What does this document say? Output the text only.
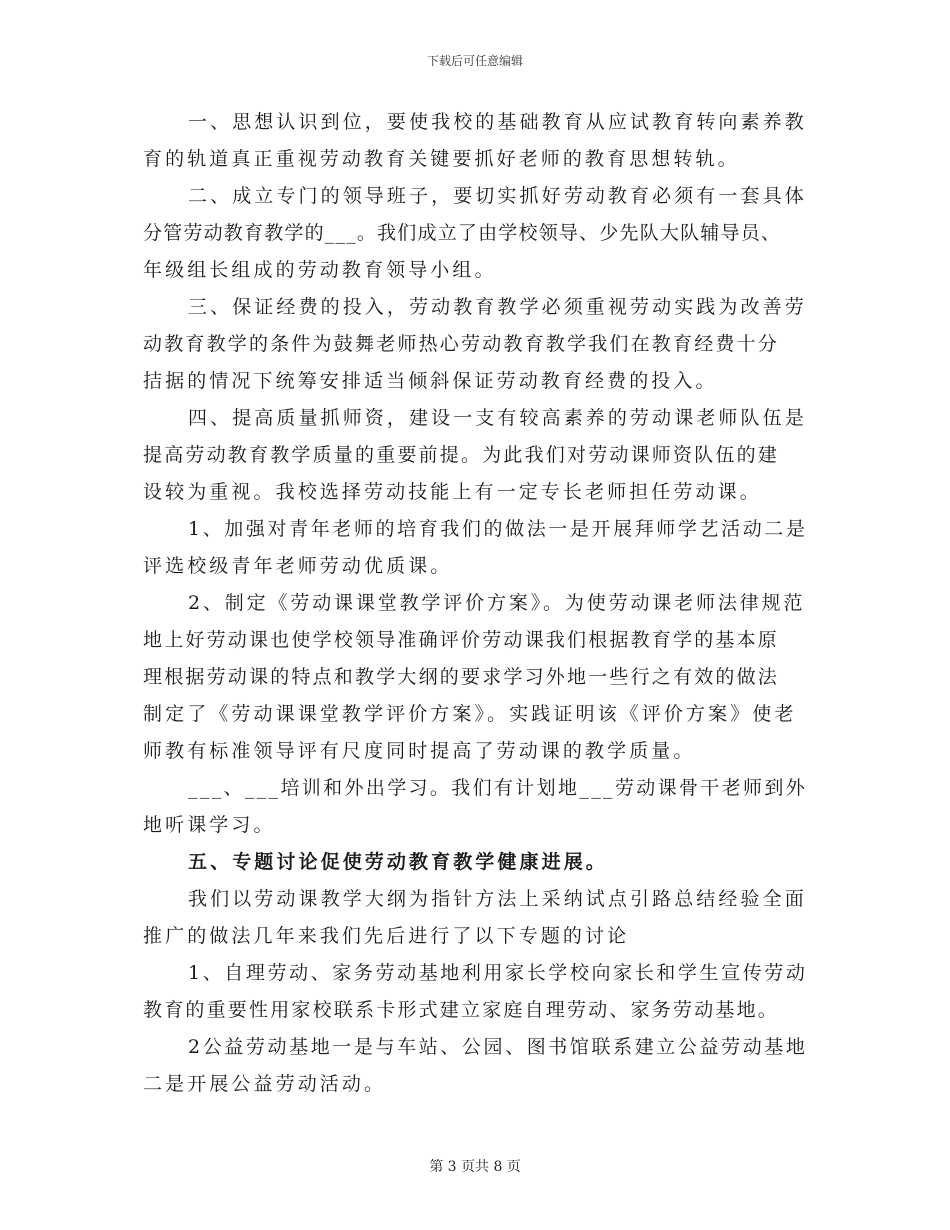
下载后可任意编辑
一、思想认识到位，要使我校的基础教育从应试教育转向素养教
育的轨道真正重视劳动教育关键要抓好老师的教育思想转轨。
二、成立专门的领导班子，要切实抓好劳动教育必须有一套具体
分管劳动教育教学的___。我们成立了由学校领导、少先队大队辅导员、
年级组长组成的劳动教育领导小组。
三、保证经费的投入，劳动教育教学必须重视劳动实践为改善劳
动教育教学的条件为鼓舞老师热心劳动教育教学我们在教育经费十分
拮据的情况下统筹安排适当倾斜保证劳动教育经费的投入。
四、提高质量抓师资，建设一支有较高素养的劳动课老师队伍是
提高劳动教育教学质量的重要前提。为此我们对劳动课师资队伍的建
设较为重视。我校选择劳动技能上有一定专长老师担任劳动课。
1、加强对青年老师的培育我们的做法一是开展拜师学艺活动二是
评选校级青年老师劳动优质课。
2、制定《劳动课课堂教学评价方案》。为使劳动课老师法律规范
地上好劳动课也使学校领导准确评价劳动课我们根据教育学的基本原
理根据劳动课的特点和教学大纲的要求学习外地一些行之有效的做法
制定了《劳动课课堂教学评价方案》。实践证明该《评价方案》使老
师教有标准领导评有尺度同时提高了劳动课的教学质量。
___、___培训和外出学习。我们有计划地___劳动课骨干老师到外
地听课学习。
五、专题讨论促使劳动教育教学健康进展。
我们以劳动课教学大纲为指针方法上采纳试点引路总结经验全面
推广的做法几年来我们先后进行了以下专题的讨论
1、自理劳动、家务劳动基地利用家长学校向家长和学生宣传劳动
教育的重要性用家校联系卡形式建立家庭自理劳动、家务劳动基地。
2公益劳动基地一是与车站、公园、图书馆联系建立公益劳动基地
二是开展公益劳动活动。
第 3 页共 8 页
